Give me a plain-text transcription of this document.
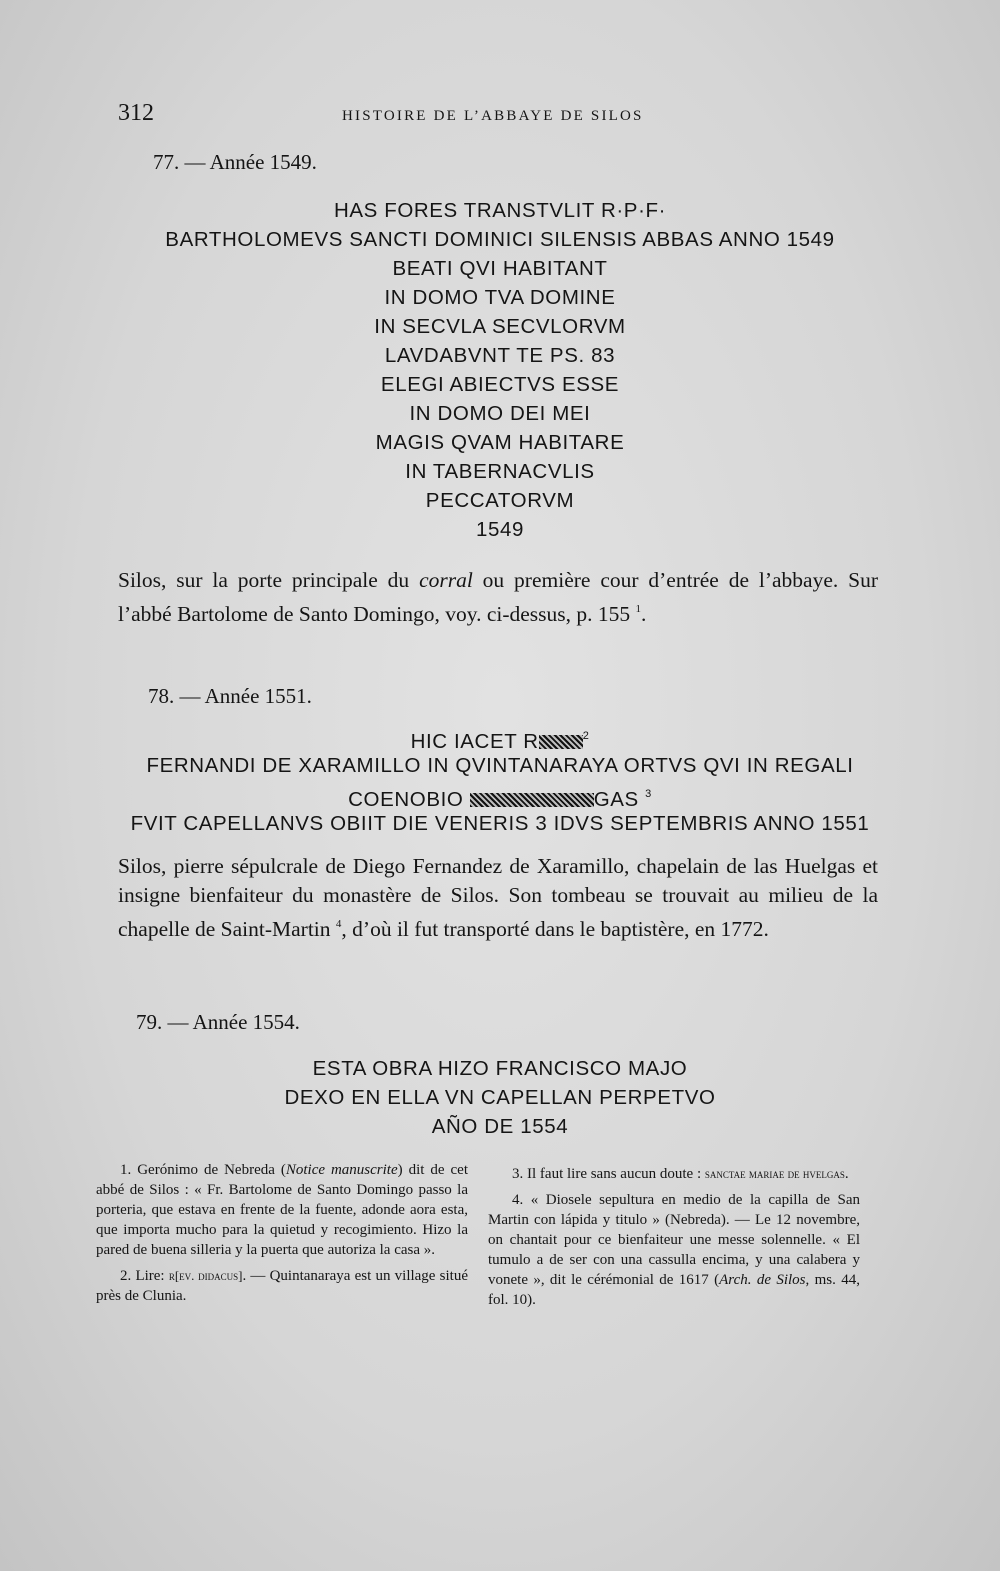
312	HISTOIRE DE L’ABBAYE DE SILOS
77. — Année 1549.
HAS FORES TRANSTVLIT R·P·F·
BARTHOLOMEVS SANCTI DOMINICI SILENSIS ABBAS ANNO 1549
BEATI QVI HABITANT
IN DOMO TVA DOMINE
IN SECVLA SECVLORVM
LAVDABVNT TE PS. 83
ELEGI ABIECTVS ESSE
IN DOMO DEI MEI
MAGIS QVAM HABITARE
IN TABERNACVLIS
PECCATORVM
1549
Silos, sur la porte principale du corral ou première cour d’entrée de l’abbaye. Sur l’abbé Bartolome de Santo Domingo, voy. ci-dessus, p. 155 $^1$.
78. — Année 1551.
HIC IACET R	$^2$
FERNANDI DE XARAMILLO IN QVINTANARAYA ORTVS QVI IN REGALI
COENOBIO	GAS $^3$
FVIT CAPELLANVS OBIIT DIE VENERIS 3 IDVS SEPTEMBRIS ANNO 1551
Silos, pierre sépulcrale de Diego Fernandez de Xaramillo, chapelain de las Huelgas et insigne bienfaiteur du monastère de Silos. Son tombeau se trouvait au milieu de la chapelle de Saint-Martin $^4$, d’où il fut transporté dans le baptistère, en 1772.
79. — Année 1554.
ESTA OBRA HIZO FRANCISCO MAJO
DEXO EN ELLA VN CAPELLAN PERPETVO
AÑO DE 1554

1. Gerónimo de Nebreda (Notice manuscrite) dit de cet abbé de Silos : « Fr. Bartolome de Santo Domingo passo la porteria, que estava en frente de la fuente, adonde aora esta, que importa mucho para la quietud y recogimiento. Hizo la pared de buena silleria y la puerta que autoriza la casa ».

2. Lire: r[ev. didacus]. — Quintanaraya est un village situé près de Clunia.

3. Il faut lire sans aucun doute : sanctae mariae de hvelgas.

4. « Diosele sepultura en medio de la capilla de San Martin con lápida y titulo » (Nebreda). — Le 12 novembre, on chantait pour ce bienfaiteur une messe solennelle. « El tumulo a de ser con una cassulla encima, y una calabera y vonete », dit le cérémonial de 1617 (Arch. de Silos, ms. 44, fol. 10).
